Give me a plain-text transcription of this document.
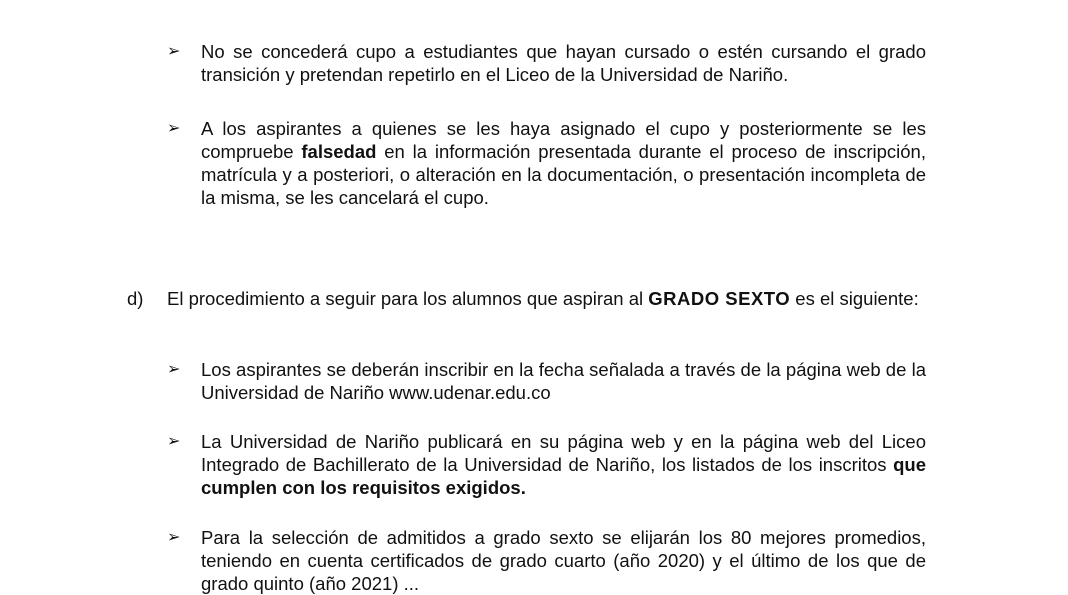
➢ No se concederá cupo a estudiantes que hayan cursado o estén cursando el grado transición y pretendan repetirlo en el Liceo de la Universidad de Nariño.

➢ A los aspirantes a quienes se les haya asignado el cupo y posteriormente se les compruebe falsedad en la información presentada durante el proceso de inscripción, matrícula y a posteriori, o alteración en la documentación, o presentación incompleta de la misma, se les cancelará el cupo.

d) El procedimiento a seguir para los alumnos que aspiran al GRADO SEXTO es el siguiente:

➢ Los aspirantes se deberán inscribir en la fecha señalada a través de la página web de la Universidad de Nariño www.udenar.edu.co

➢ La Universidad de Nariño publicará en su página web y en la página web del Liceo Integrado de Bachillerato de la Universidad de Nariño, los listados de los inscritos que cumplen con los requisitos exigidos.

➢ Para la selección de admitidos a grado sexto se elijarán los 80 mejores promedios, teniendo en cuenta certificados de grado cuarto (año 2020) y el último de los que de grado quinto (año 2021) ...
